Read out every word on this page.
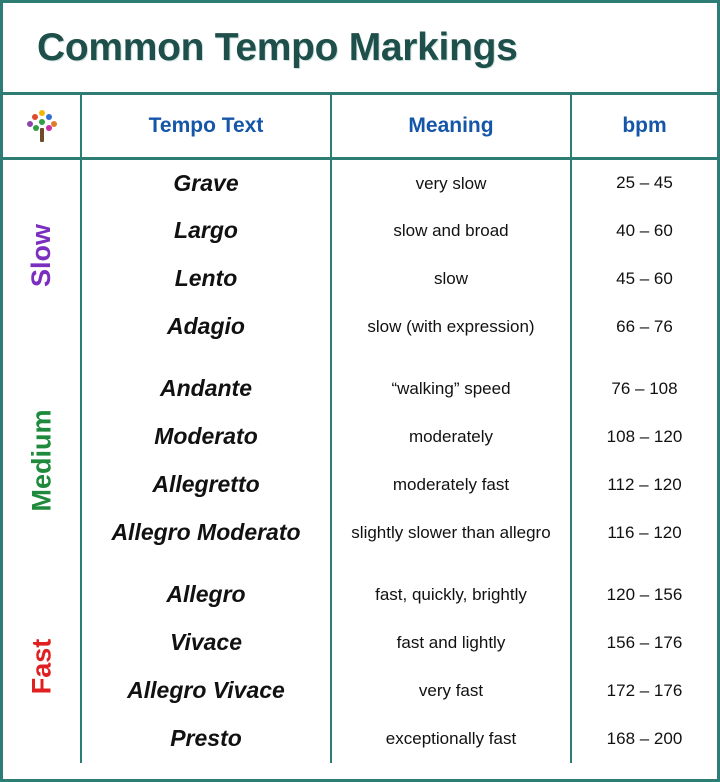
Common Tempo Markings
	Tempo Text	Meaning	bpm

Slow	Grave	very slow	25 – 45
	Largo	slow and broad	40 – 60
	Lento	slow	45 – 60
	Adagio	slow (with expression)	66 – 76

Medium	Andante	“walking” speed	76 – 108
	Moderato	moderately	108 – 120
	Allegretto	moderately fast	112 – 120
	Allegro Moderato	slightly slower than allegro	116 – 120

Fast	Allegro	fast, quickly, brightly	120 – 156
	Vivace	fast and lightly	156 – 176
	Allegro Vivace	very fast	172 – 176
	Presto	exceptionally fast	168 – 200
